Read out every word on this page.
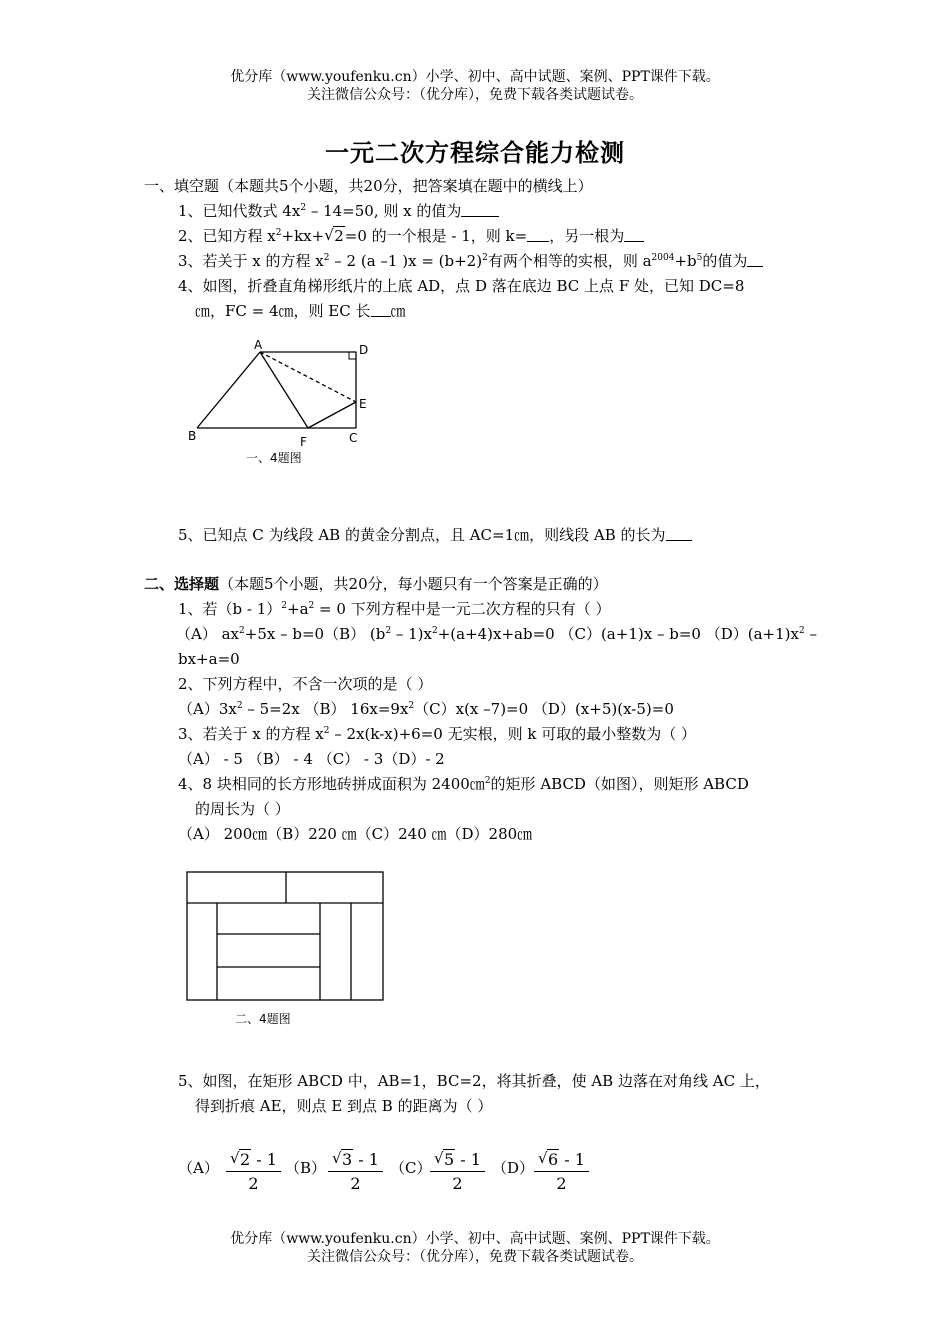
优分库（www.youfenku.cn）小学、初中、高中试题、案例、PPT课件下载。
关注微信公众号：（优分库），免费下载各类试题试卷。
一元二次方程综合能力检测
一、填空题（本题共5个小题，共20分，把答案填在题中的横线上）
1、已知代数式 $4x^2 - 14=50$, 则 x 的值为
2、已知方程 $x^2+kx+$ √ 2=0 的一个根是 - 1，则 k= ，另一根为
3、若关于 x 的方程 $x^2 - 2$ (a –1 )$x = (b+2)^2$有两个相等的实根，则 $a^{2004}+b^5$的值为
4、如图，折叠直角梯形纸片的上底 AD，点 D 落在底边 BC 上点 F 处，已知 DC=8
㎝，FC = 4㎝，则 EC 长 ㎝
A	D
E
B	F	C
一、4题图
5、已知点 C 为线段 AB 的黄金分割点，且 AC=1㎝，则线段 AB 的长为
二、选择题（本题5个小题，共20分，每小题只有一个答案是正确的）
1、若$(b - 1)^2+a^2 = 0$ 下列方程中是一元二次方程的只有（ ）
（A） $ax^2+5x - b=0(B)$ $(b^2 - 1)x^2+(a+4)x+ab=0$ （C）(a+1)x – b=0 $(D)(a+1)x^2$ –
bx+a=0
2、下列方程中，不含一次项的是（ ）
$(A)3x^2 - 5=2x$ （B） $16x=9x^2(C)x(x$ –7)=0 （D）(x+5)(x-5)=0
3、若关于 x 的方程 $x^2 - 2x(k-x)+6=0$ 无实根，则 k 可取的最小整数为（ ）
（A） - 5 （B） - 4 （C） - 3（D）- 2
4、8 块相同的长方形地砖拼成面积为 2400㎝$^2$的矩形 ABCD（如图），则矩形 ABCD
的周长为（ ）
（A） 200㎝（B）220 ㎝（C）240 ㎝（D）280㎝
二、4题图
5、如图，在矩形 ABCD 中，AB=1，BC=2，将其折叠，使 AB 边落在对角线 AC 上，
得到折痕 AE，则点 E 到点 B 的距离为（ ）
$(A) \frac{√ 2 - 1}{2} (B) \frac{√ 3 - 1}{2} (C)$
$\frac{√ 5 - 1}{2} (D) \frac{√ 6 - 1}{2}$
优分库（www.youfenku.cn）小学、初中、高中试题、案例、PPT课件下载。
关注微信公众号：（优分库），免费下载各类试题试卷。
